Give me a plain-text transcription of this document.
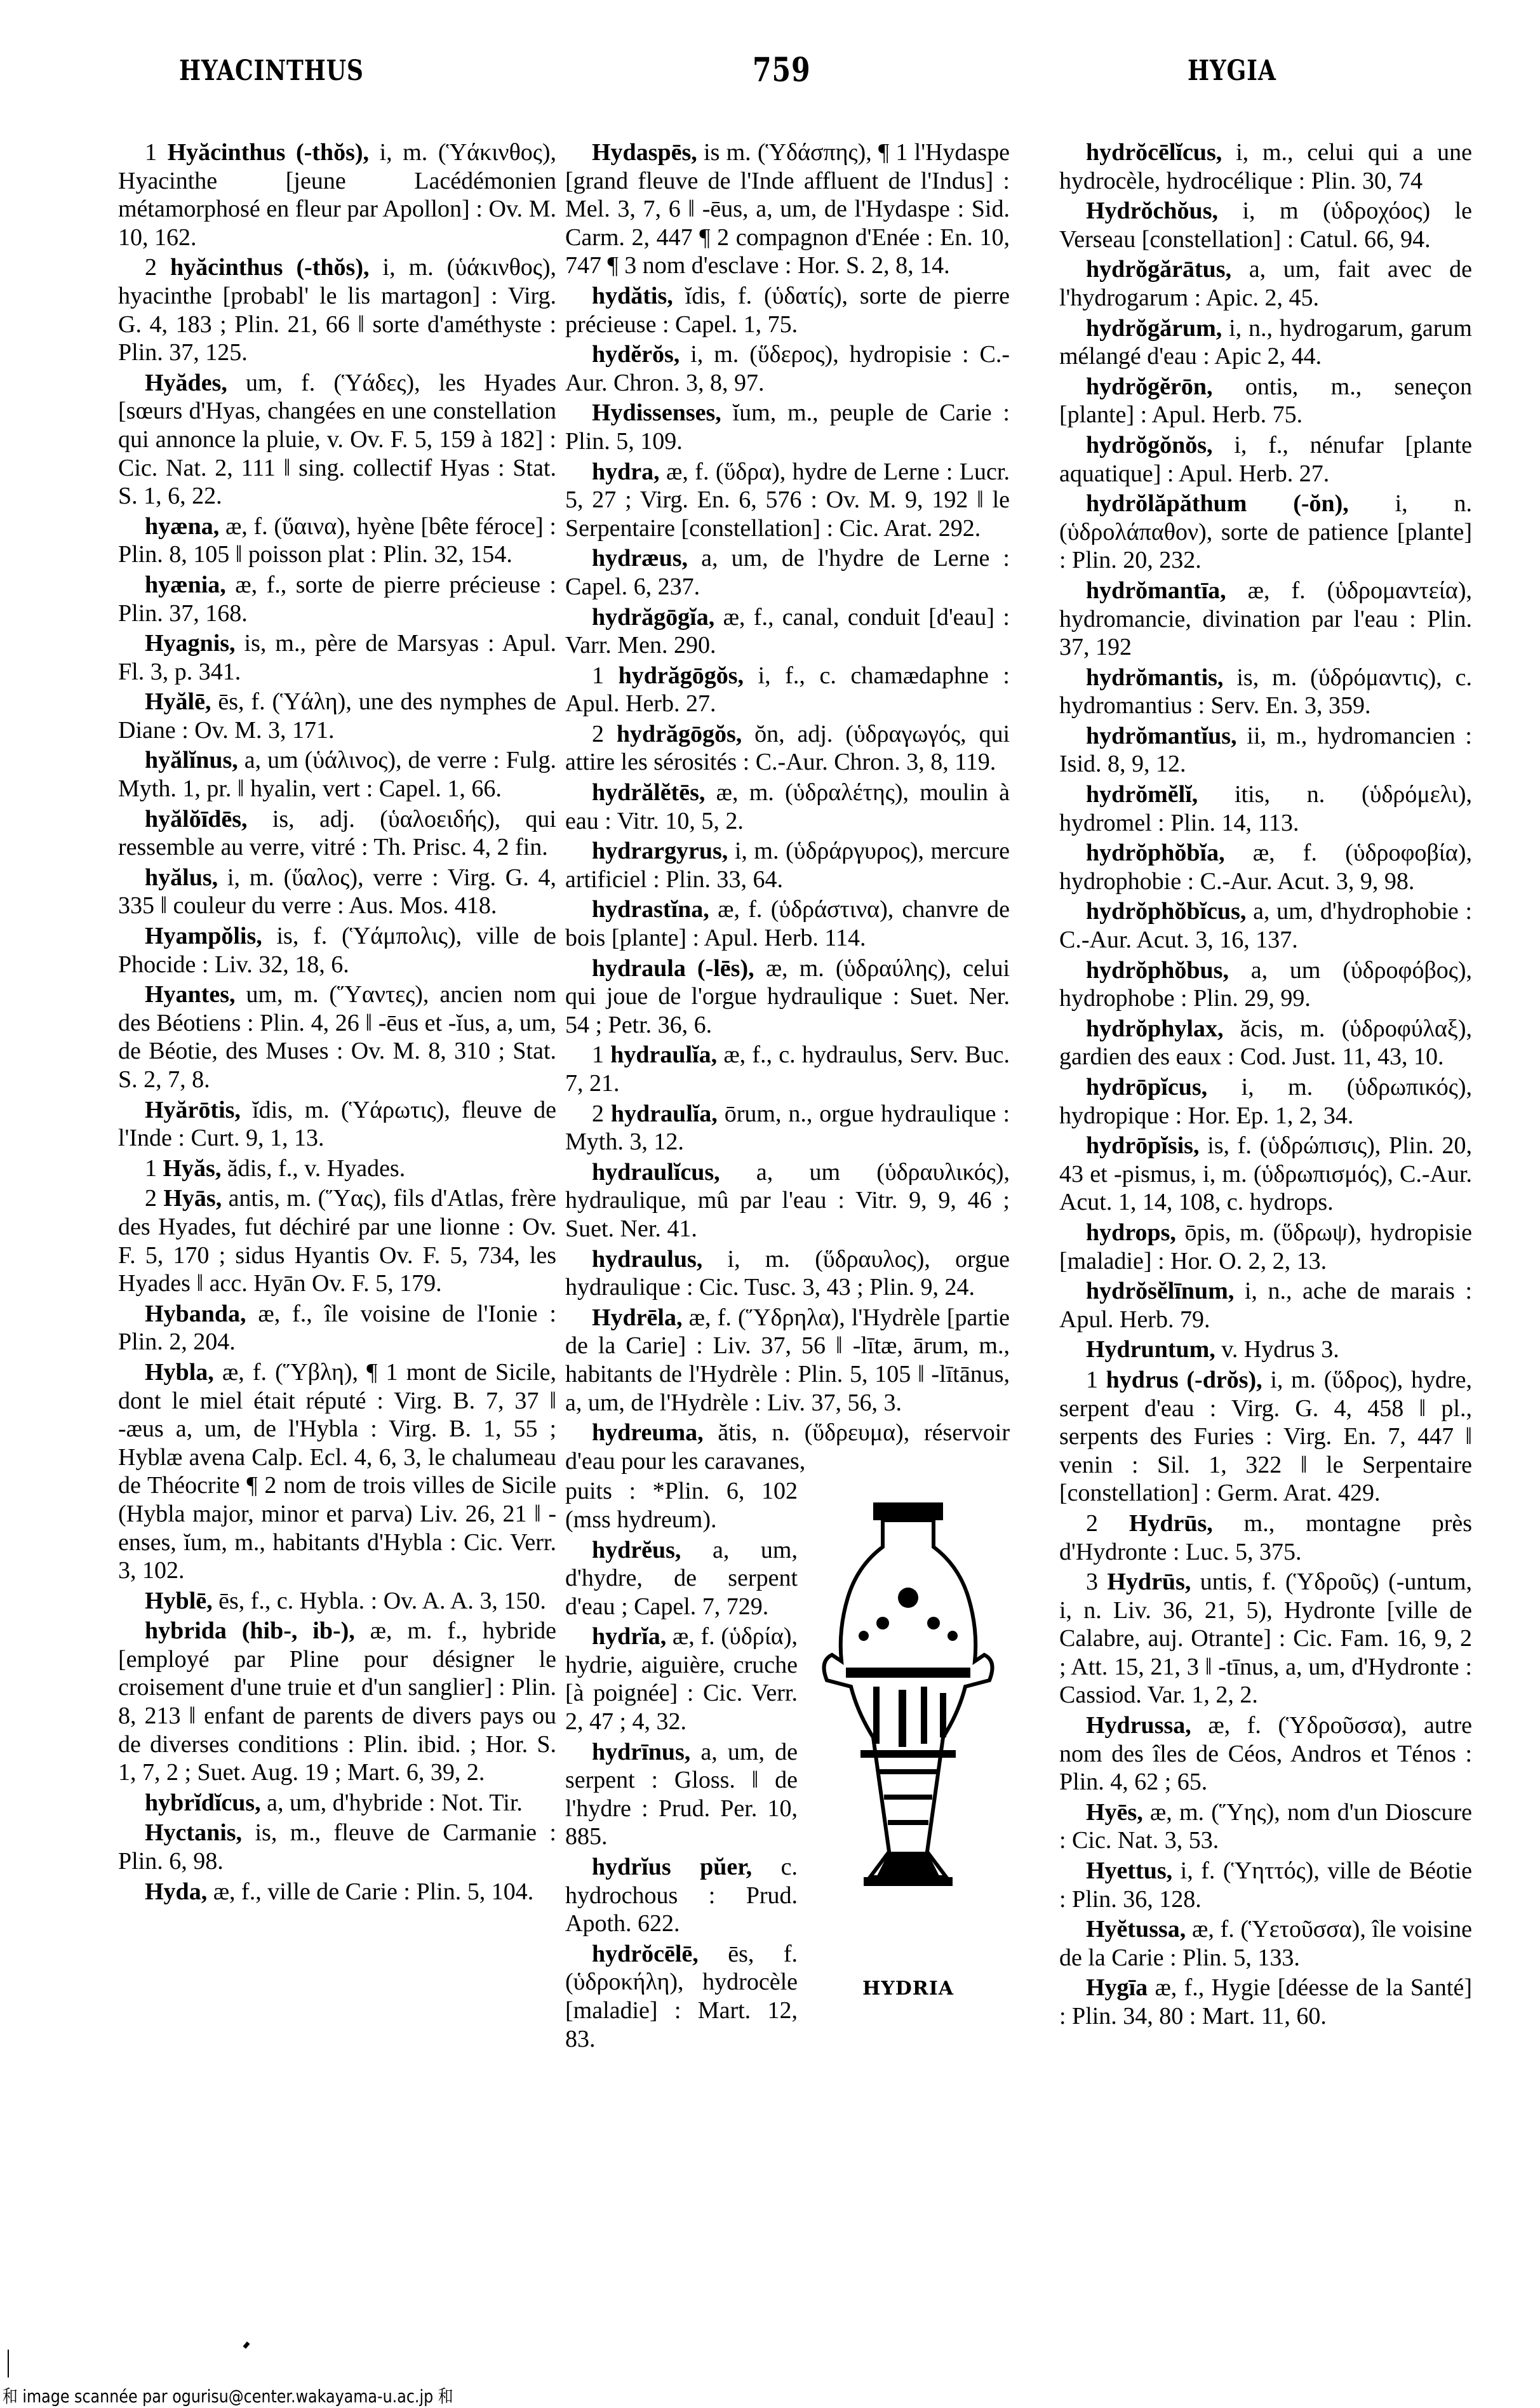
HYACINTHUS	759	HYGIA

1 Hyăcinthus (-thŏs), i, m. (Ὑάκινθος), Hyacinthe [jeune Lacédémonien métamorphosé en fleur par Apollon] : Ov. M. 10, 162.

2 hyăcinthus (-thŏs), i, m. (ὑάκινθος), hyacinthe [probabl' le lis martagon] : Virg. G. 4, 183 ; Plin. 21, 66 ‖ sorte d'améthyste : Plin. 37, 125.

Hyădes, um, f. (Ὑάδες), les Hyades [sœurs d'Hyas, changées en une constellation qui annonce la pluie, v. Ov. F. 5, 159 à 182] : Cic. Nat. 2, 111 ‖ sing. collectif Hyas : Stat. S. 1, 6, 22.

hyæna, æ, f. (ὕαινα), hyène [bête féroce] : Plin. 8, 105 ‖ poisson plat : Plin. 32, 154.

hyænia, æ, f., sorte de pierre précieuse : Plin. 37, 168.

Hyagnis, is, m., père de Marsyas : Apul. Fl. 3, p. 341.

Hyălē, ēs, f. (Ὑάλη), une des nymphes de Diane : Ov. M. 3, 171.

hyălĭnus, a, um (ὑάλινος), de verre : Fulg. Myth. 1, pr. ‖ hyalin, vert : Capel. 1, 66.

hyălŏīdēs, is, adj. (ὑαλοειδής), qui ressemble au verre, vitré : Th. Prisc. 4, 2 fin.

hyălus, i, m. (ὕαλος), verre : Virg. G. 4, 335 ‖ couleur du verre : Aus. Mos. 418.

Hyampŏlis, is, f. (Ὑάμπολις), ville de Phocide : Liv. 32, 18, 6.

Hyantes, um, m. (Ὕαντες), ancien nom des Béotiens : Plin. 4, 26 ‖ -ēus et -ĭus, a, um, de Béotie, des Muses : Ov. M. 8, 310 ; Stat. S. 2, 7, 8.

Hyărōtis, ĭdis, m. (Ὑάρωτις), fleuve de l'Inde : Curt. 9, 1, 13.

1 Hyăs, ădis, f., v. Hyades.

2 Hyās, antis, m. (Ὕας), fils d'Atlas, frère des Hyades, fut déchiré par une lionne : Ov. F. 5, 170 ; sidus Hyantis Ov. F. 5, 734, les Hyades ‖ acc. Hyān Ov. F. 5, 179.

Hybanda, æ, f., île voisine de l'Ionie : Plin. 2, 204.

Hybla, æ, f. (Ὕβλη), ¶ 1 mont de Sicile, dont le miel était réputé : Virg. B. 7, 37 ‖ -æus a, um, de l'Hybla : Virg. B. 1, 55 ; Hyblæ avena Calp. Ecl. 4, 6, 3, le chalumeau de Théocrite ¶ 2 nom de trois villes de Sicile (Hybla major, minor et parva) Liv. 26, 21 ‖ -enses, ĭum, m., habitants d'Hybla : Cic. Verr. 3, 102.

Hyblē, ēs, f., c. Hybla. : Ov. A. A. 3, 150.

hybrida (hib-, ib-), æ, m. f., hybride [employé par Pline pour désigner le croisement d'une truie et d'un sanglier] : Plin. 8, 213 ‖ enfant de parents de divers pays ou de diverses conditions : Plin. ibid. ; Hor. S. 1, 7, 2 ; Suet. Aug. 19 ; Mart. 6, 39, 2.

hybrĭdĭcus, a, um, d'hybride : Not. Tir.

Hyctanis, is, m., fleuve de Carmanie : Plin. 6, 98.

Hyda, æ, f., ville de Carie : Plin. 5, 104.

Hydaspēs, is m. (Ὑδάσπης), ¶ 1 l'Hydaspe [grand fleuve de l'Inde affluent de l'Indus] : Mel. 3, 7, 6 ‖ -ēus, a, um, de l'Hydaspe : Sid. Carm. 2, 447 ¶ 2 compagnon d'Enée : En. 10, 747 ¶ 3 nom d'esclave : Hor. S. 2, 8, 14.

hydătis, ĭdis, f. (ὑδατίς), sorte de pierre précieuse : Capel. 1, 75.

hydĕrŏs, i, m. (ὕδερος), hydropisie : C.-Aur. Chron. 3, 8, 97.

Hydissenses, ĭum, m., peuple de Carie : Plin. 5, 109.

hydra, æ, f. (ὕδρα), hydre de Lerne : Lucr. 5, 27 ; Virg. En. 6, 576 : Ov. M. 9, 192 ‖ le Serpentaire [constellation] : Cic. Arat. 292.

hydræus, a, um, de l'hydre de Lerne : Capel. 6, 237.

hydrăgōgĭa, æ, f., canal, conduit [d'eau] : Varr. Men. 290.

1 hydrăgōgŏs, i, f., c. chamædaphne : Apul. Herb. 27.

2 hydrăgōgŏs, ŏn, adj. (ὑδραγωγός, qui attire les sérosités : C.-Aur. Chron. 3, 8, 119.

hydrălĕtēs, æ, m. (ὑδραλέτης), moulin à eau : Vitr. 10, 5, 2.

hydrargyrus, i, m. (ὑδράργυρος), mercure artificiel : Plin. 33, 64.

hydrastĭna, æ, f. (ὑδράστινα), chanvre de bois [plante] : Apul. Herb. 114.

hydraula (-lēs), æ, m. (ὑδραύλης), celui qui joue de l'orgue hydraulique : Suet. Ner. 54 ; Petr. 36, 6.

1 hydraulĭa, æ, f., c. hydraulus, Serv. Buc. 7, 21.

2 hydraulĭa, ōrum, n., orgue hydraulique : Myth. 3, 12.

hydraulĭcus, a, um (ὑδραυλικός), hydraulique, mû par l'eau : Vitr. 9, 9, 46 ; Suet. Ner. 41.

hydraulus, i, m. (ὕδραυλος), orgue hydraulique : Cic. Tusc. 3, 43 ; Plin. 9, 24.

Hydrēla, æ, f. (Ὕδρηλα), l'Hydrèle [partie de la Carie] : Liv. 37, 56 ‖ -lītæ, ārum, m., habitants de l'Hydrèle : Plin. 5, 105 ‖ -lītānus, a, um, de l'Hydrèle : Liv. 37, 56, 3.

hydreuma, ătis, n. (ὕδρευμα), réservoir d'eau pour les caravanes,

HYDRIA

puits : *Plin. 6, 102 (mss hydreum).

hydrĕus, a, um, d'hydre, de serpent d'eau ; Capel. 7, 729.

hydrĭa, æ, f. (ὑδρία), hydrie, aiguière, cruche [à poignée] : Cic. Verr. 2, 47 ; 4, 32.

hydrīnus, a, um, de serpent : Gloss. ‖ de l'hydre : Prud. Per. 10, 885.

hydrĭus pŭer, c. hydrochous : Prud. Apoth. 622.

hydrŏcēlē, ēs, f. (ὑδροκήλη), hydrocèle [maladie] : Mart. 12, 83.

hydrŏcēlĭcus, i, m., celui qui a une hydrocèle, hydrocélique : Plin. 30, 74

Hydrŏchŏus, i, m (ὑδροχόος) le Verseau [constellation] : Catul. 66, 94.

hydrŏgărātus, a, um, fait avec de l'hydrogarum : Apic. 2, 45.

hydrŏgărum, i, n., hydrogarum, garum mélangé d'eau : Apic 2, 44.

hydrŏgĕrōn, ontis, m., seneçon [plante] : Apul. Herb. 75.

hydrŏgŏnŏs, i, f., nénufar [plante aquatique] : Apul. Herb. 27.

hydrŏlăpăthum (-ŏn), i, n. (ὑδρολάπαθον), sorte de patience [plante] : Plin. 20, 232.

hydrŏmantīa, æ, f. (ὑδρομαντεία), hydromancie, divination par l'eau : Plin. 37, 192

hydrŏmantis, is, m. (ὑδρόμαντις), c. hydromantius : Serv. En. 3, 359.

hydrŏmantĭus, ii, m., hydromancien : Isid. 8, 9, 12.

hydrŏmĕlĭ, itis, n. (ὑδρόμελι), hydromel : Plin. 14, 113.

hydrŏphŏbĭa, æ, f. (ὑδροφοβία), hydrophobie : C.-Aur. Acut. 3, 9, 98.

hydrŏphŏbĭcus, a, um, d'hydrophobie : C.-Aur. Acut. 3, 16, 137.

hydrŏphŏbus, a, um (ὑδροφόβος), hydrophobe : Plin. 29, 99.

hydrŏphylax, ăcis, m. (ὑδροφύλαξ), gardien des eaux : Cod. Just. 11, 43, 10.

hydrōpĭcus, i, m. (ὑδρωπικός), hydropique : Hor. Ep. 1, 2, 34.

hydrōpĭsis, is, f. (ὑδρώπισις), Plin. 20, 43 et -pismus, i, m. (ὑδρωπισμός), C.-Aur. Acut. 1, 14, 108, c. hydrops.

hydrops, ōpis, m. (ὕδρωψ), hydropisie [maladie] : Hor. O. 2, 2, 13.

hydrŏsĕlīnum, i, n., ache de marais : Apul. Herb. 79.

Hydruntum, v. Hydrus 3.

1 hydrus (-drŏs), i, m. (ὕδρος), hydre, serpent d'eau : Virg. G. 4, 458 ‖ pl., serpents des Furies : Virg. En. 7, 447 ‖ venin : Sil. 1, 322 ‖ le Serpentaire [constellation] : Germ. Arat. 429.

2 Hydrūs, m., montagne près d'Hydronte : Luc. 5, 375.

3 Hydrūs, untis, f. (Ὑδροῦς) (-untum, i, n. Liv. 36, 21, 5), Hydronte [ville de Calabre, auj. Otrante] : Cic. Fam. 16, 9, 2 ; Att. 15, 21, 3 ‖ -tīnus, a, um, d'Hydronte : Cassiod. Var. 1, 2, 2.

Hydrussa, æ, f. (Ὑδροῦσσα), autre nom des îles de Céos, Andros et Ténos : Plin. 4, 62 ; 65.

Hyēs, æ, m. (Ὕης), nom d'un Dioscure : Cic. Nat. 3, 53.

Hyettus, i, f. (Ὑηττός), ville de Béotie : Plin. 36, 128.

Hyĕtussa, æ, f. (Ὑετοῦσσα), île voisine de la Carie : Plin. 5, 133.

Hygīa æ, f., Hygie [déesse de la Santé] : Plin. 34, 80 : Mart. 11, 60.

和 image scannée par ogurisu@center.wakayama-u.ac.jp 和
